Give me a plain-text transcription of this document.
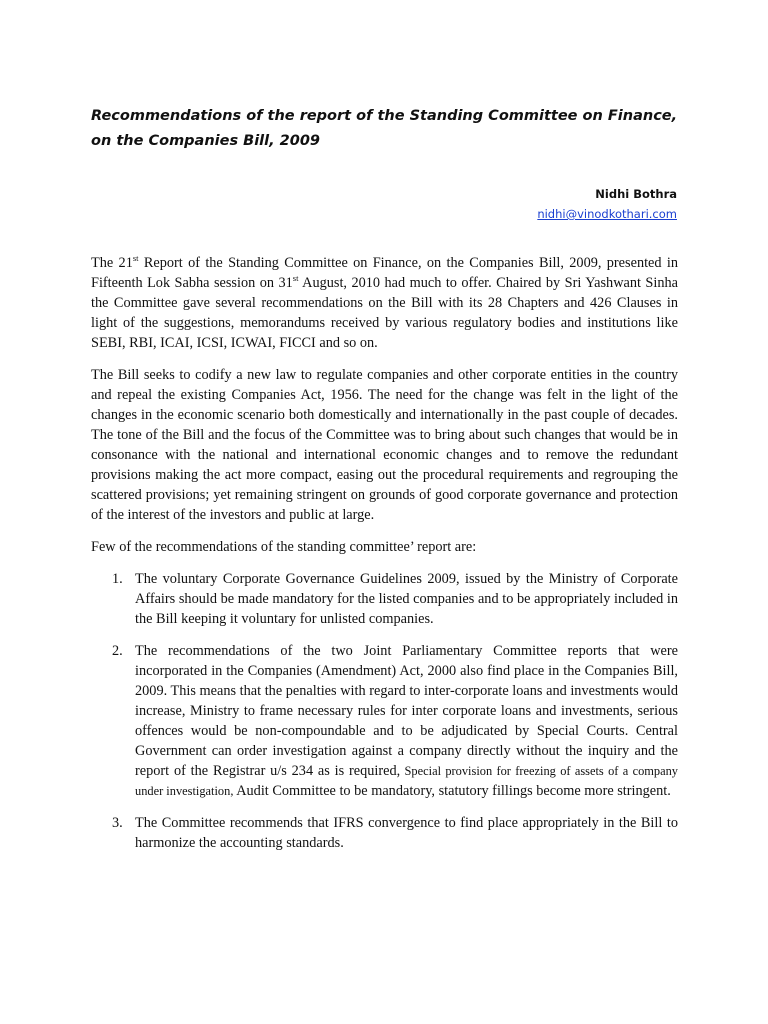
Recommendations of the report of the Standing Committee on Finance, on the Companies Bill, 2009
Nidhi Bothra
nidhi@vinodkothari.com

The 21st Report of the Standing Committee on Finance, on the Companies Bill, 2009, presented in Fifteenth Lok Sabha session on 31st August, 2010 had much to offer. Chaired by Sri Yashwant Sinha the Committee gave several recommendations on the Bill with its 28 Chapters and 426 Clauses in light of the suggestions, memorandums received by various regulatory bodies and institutions like SEBI, RBI, ICAI, ICSI, ICWAI, FICCI and so on.

The Bill seeks to codify a new law to regulate companies and other corporate entities in the country and repeal the existing Companies Act, 1956. The need for the change was felt in the light of the changes in the economic scenario both domestically and internationally in the past couple of decades. The tone of the Bill and the focus of the Committee was to bring about such changes that would be in consonance with the national and international economic changes and to remove the redundant provisions making the act more compact, easing out the procedural requirements and regrouping the scattered provisions; yet remaining stringent on grounds of good corporate governance and protection of the interest of the investors and public at large.

Few of the recommendations of the standing committee’ report are:

1. The voluntary Corporate Governance Guidelines 2009, issued by the Ministry of Corporate Affairs should be made mandatory for the listed companies and to be appropriately included in the Bill keeping it voluntary for unlisted companies.
2. The recommendations of the two Joint Parliamentary Committee reports that were incorporated in the Companies (Amendment) Act, 2000 also find place in the Companies Bill, 2009. This means that the penalties with regard to inter-corporate loans and investments would increase, Ministry to frame necessary rules for inter corporate loans and investments, serious offences would be non-compoundable and to be adjudicated by Special Courts. Central Government can order investigation against a company directly without the inquiry and the report of the Registrar u/s 234 as is required, Special provision for freezing of assets of a company under investigation, Audit Committee to be mandatory, statutory fillings become more stringent.
3. The Committee recommends that IFRS convergence to find place appropriately in the Bill to harmonize the accounting standards.
